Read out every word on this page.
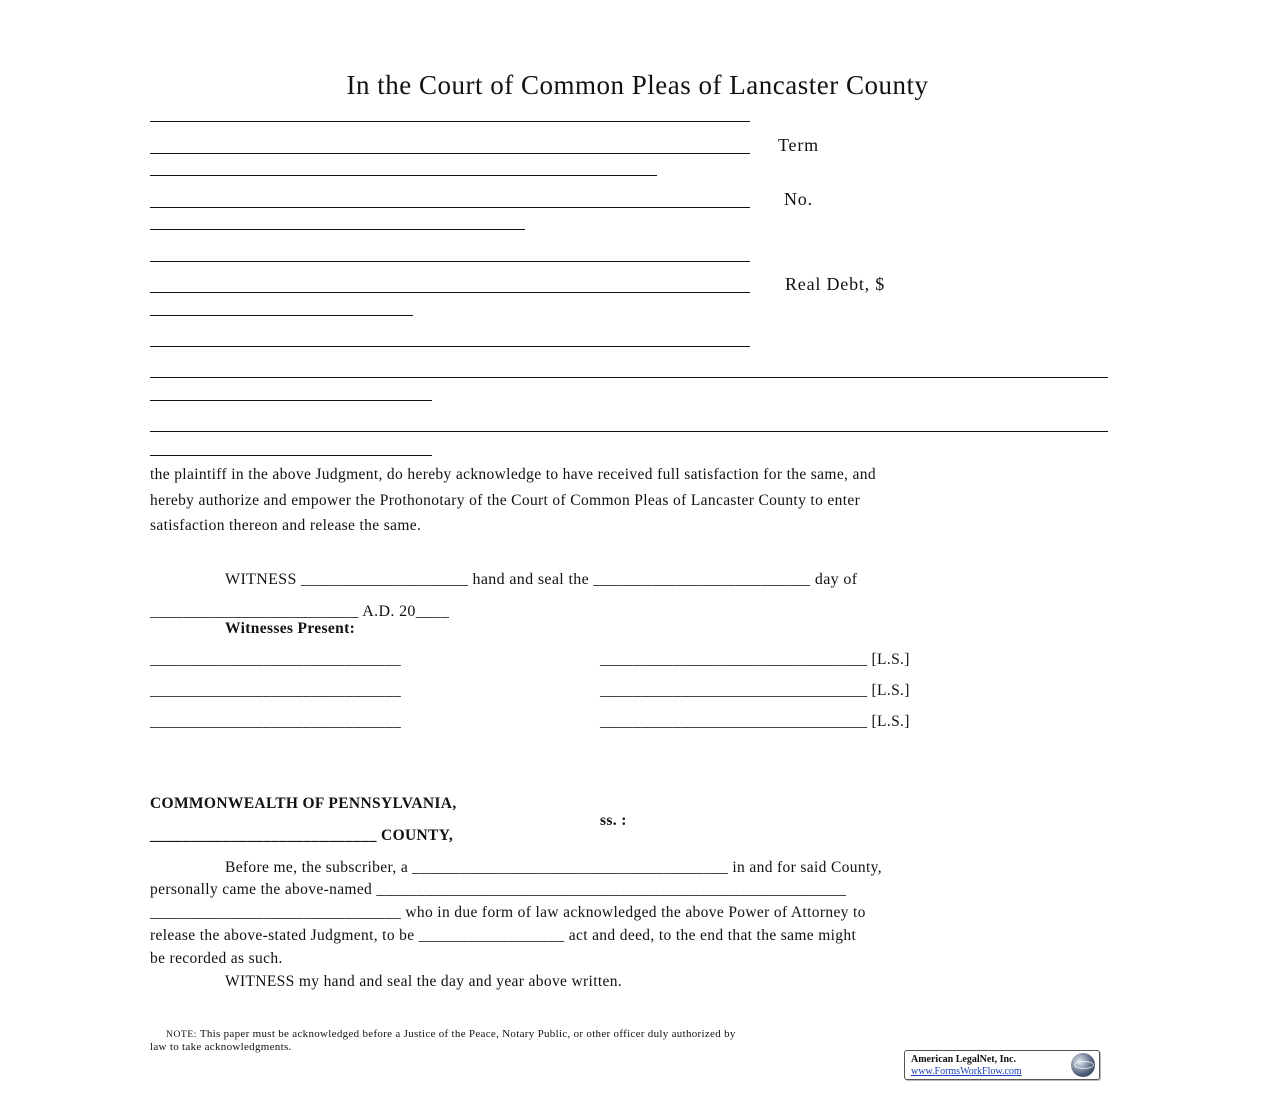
In the Court of Common Pleas of Lancaster County
Term
No.
Real Debt, $
the plaintiff in the above Judgment, do hereby acknowledge to have received full satisfaction for the same, and
hereby authorize and empower the Prothonotary of the Court of Common Pleas of Lancaster County to enter
satisfaction thereon and release the same.
WITNESS ____________________ hand and seal the __________________________ day of
_________________________ A.D. 20____
Witnesses Present:
_______________________________	_________________________________ [L.S.]
_______________________________	_________________________________ [L.S.]
_______________________________	_________________________________ [L.S.]
COMMONWEALTH OF PENNSYLVANIA,
ss. :
____________________________ COUNTY,
Before me, the subscriber, a _______________________________________ in and for said County,
personally came the above-named __________________________________________________________
_______________________________ who in due form of law acknowledged the above Power of Attorney to
release the above-stated Judgment, to be __________________ act and deed, to the end that the same might
be recorded as such.
WITNESS my hand and seal the day and year above written.
NOTE: This paper must be acknowledged before a Justice of the Peace, Notary Public, or other officer duly authorized by
law to take acknowledgments.
American LegalNet, Inc.
www.FormsWorkFlow.com
